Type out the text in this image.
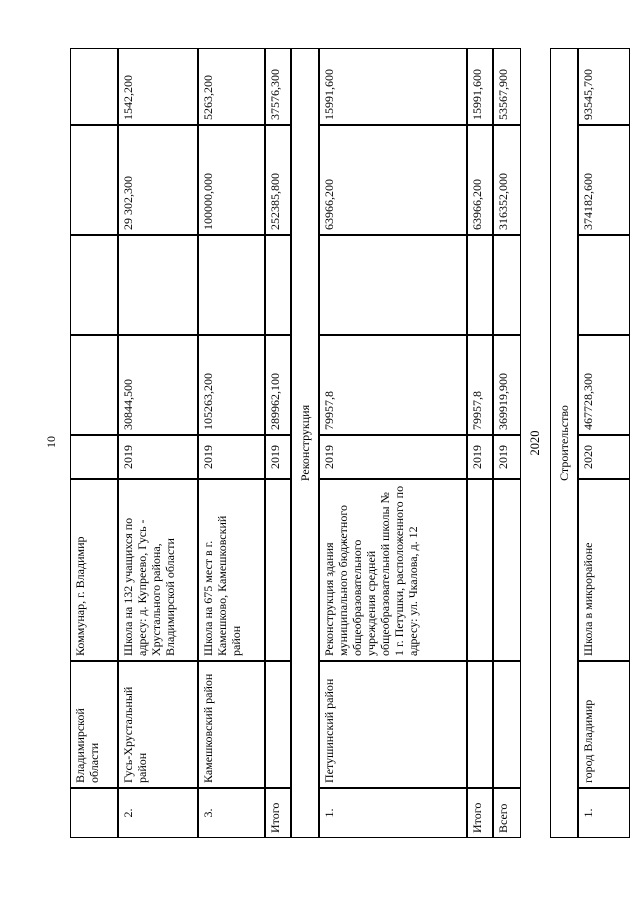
10
Владимирской области
Коммунар, г. Владимир
2.
Гусь-Хрустальный район
Школа на 132 учащихся по адресу: д. Купреево, Гусь - Хрустального района, Владимирской области
2019
30844,500
29 302,300
1542,200
3.
Камешковский район
Школа на 675 мест в г. Камешково, Камешковский район
2019
105263,200
100000,000
5263,200
Итого
2019
289962,100
252385,800
37576,300
Реконструкция
1.
Петушинский район
Реконструкция здания муниципального бюджетного общеобразовательного учреждения средней общеобразовательной школы № 1 г. Петушки, расположенного по адресу: ул. Чкалова, д. 12
2019
79957,8
63966,200
15991,600
Итого
2019
79957,8
63966,200
15991,600
Всего
2019
369919,900
316352,000
53567,900
2020	Строительство
1.
город Владимир
Школа в микрорайоне
2020
467728,300
374182,600
93545,700
